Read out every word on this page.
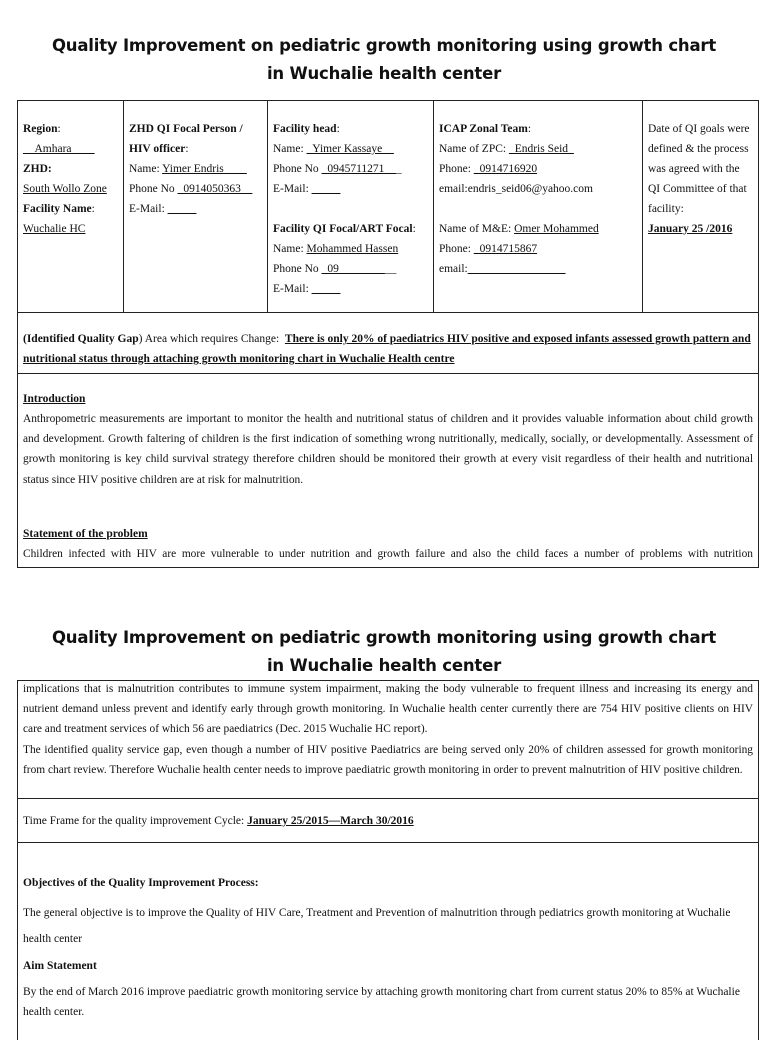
Quality Improvement on pediatric growth monitoring using growth chart
in Wuchalie health center
Region:
__Amhara____
ZHD:
South Wollo Zone
Facility Name:
Wuchalie HC
ZHD QI Focal Person / HIV officer:
Name: Yimer Endris____
Phone No _0914050363__
E-Mail: _____
Facility head:
Name: _Yimer Kassaye__
Phone No _0945711271___
E-Mail: _____
Facility QI Focal/ART Focal:
Name: Mohammed Hassen
Phone No _09__________
E-Mail: _____
ICAP Zonal Team:
Name of ZPC: _Endris Seid_
Phone: _0914716920
email:endris_seid06@yahoo.com
Name of M&E: Omer Mohammed
Phone: _0914715867
email:_________________
Date of QI goals were defined & the process was agreed with the QI Committee of that facility:
January 25 /2016

(Identified Quality Gap) Area which requires Change: There is only 20% of paediatrics HIV positive and exposed infants assessed growth pattern and nutritional status through attaching growth monitoring chart in Wuchalie Health centre

Introduction

Anthropometric measurements are important to monitor the health and nutritional status of children and it provides valuable information about child growth and development. Growth faltering of children is the first indication of something wrong nutritionally, medically, socially, or developmentally. Assessment of growth monitoring is key child survival strategy therefore children should be monitored their growth at every visit regardless of their health and nutritional status since HIV positive children are at risk for malnutrition.

Statement of the problem

Children infected with HIV are more vulnerable to under nutrition and growth failure and also the child faces a number of problems with nutrition

Quality Improvement on pediatric growth monitoring using growth chart
in Wuchalie health center

implications that is malnutrition contributes to immune system impairment, making the body vulnerable to frequent illness and increasing its energy and nutrient demand unless prevent and identify early through growth monitoring. In Wuchalie health center currently there are 754 HIV positive clients on HIV care and treatment services of which 56 are paediatrics (Dec. 2015 Wuchalie HC report).

The identified quality service gap, even though a number of HIV positive Paediatrics are being served only 20% of children assessed for growth monitoring from chart review. Therefore Wuchalie health center needs to improve paediatric growth monitoring in order to prevent malnutrition of HIV positive children.

Time Frame for the quality improvement Cycle: January 25/2015—March 30/2016

Objectives of the Quality Improvement Process:

The general objective is to improve the Quality of HIV Care, Treatment and Prevention of malnutrition through pediatrics growth monitoring at Wuchalie health center

Aim Statement

By the end of March 2016 improve paediatric growth monitoring service by attaching growth monitoring chart from current status 20% to 85% at Wuchalie health center.
